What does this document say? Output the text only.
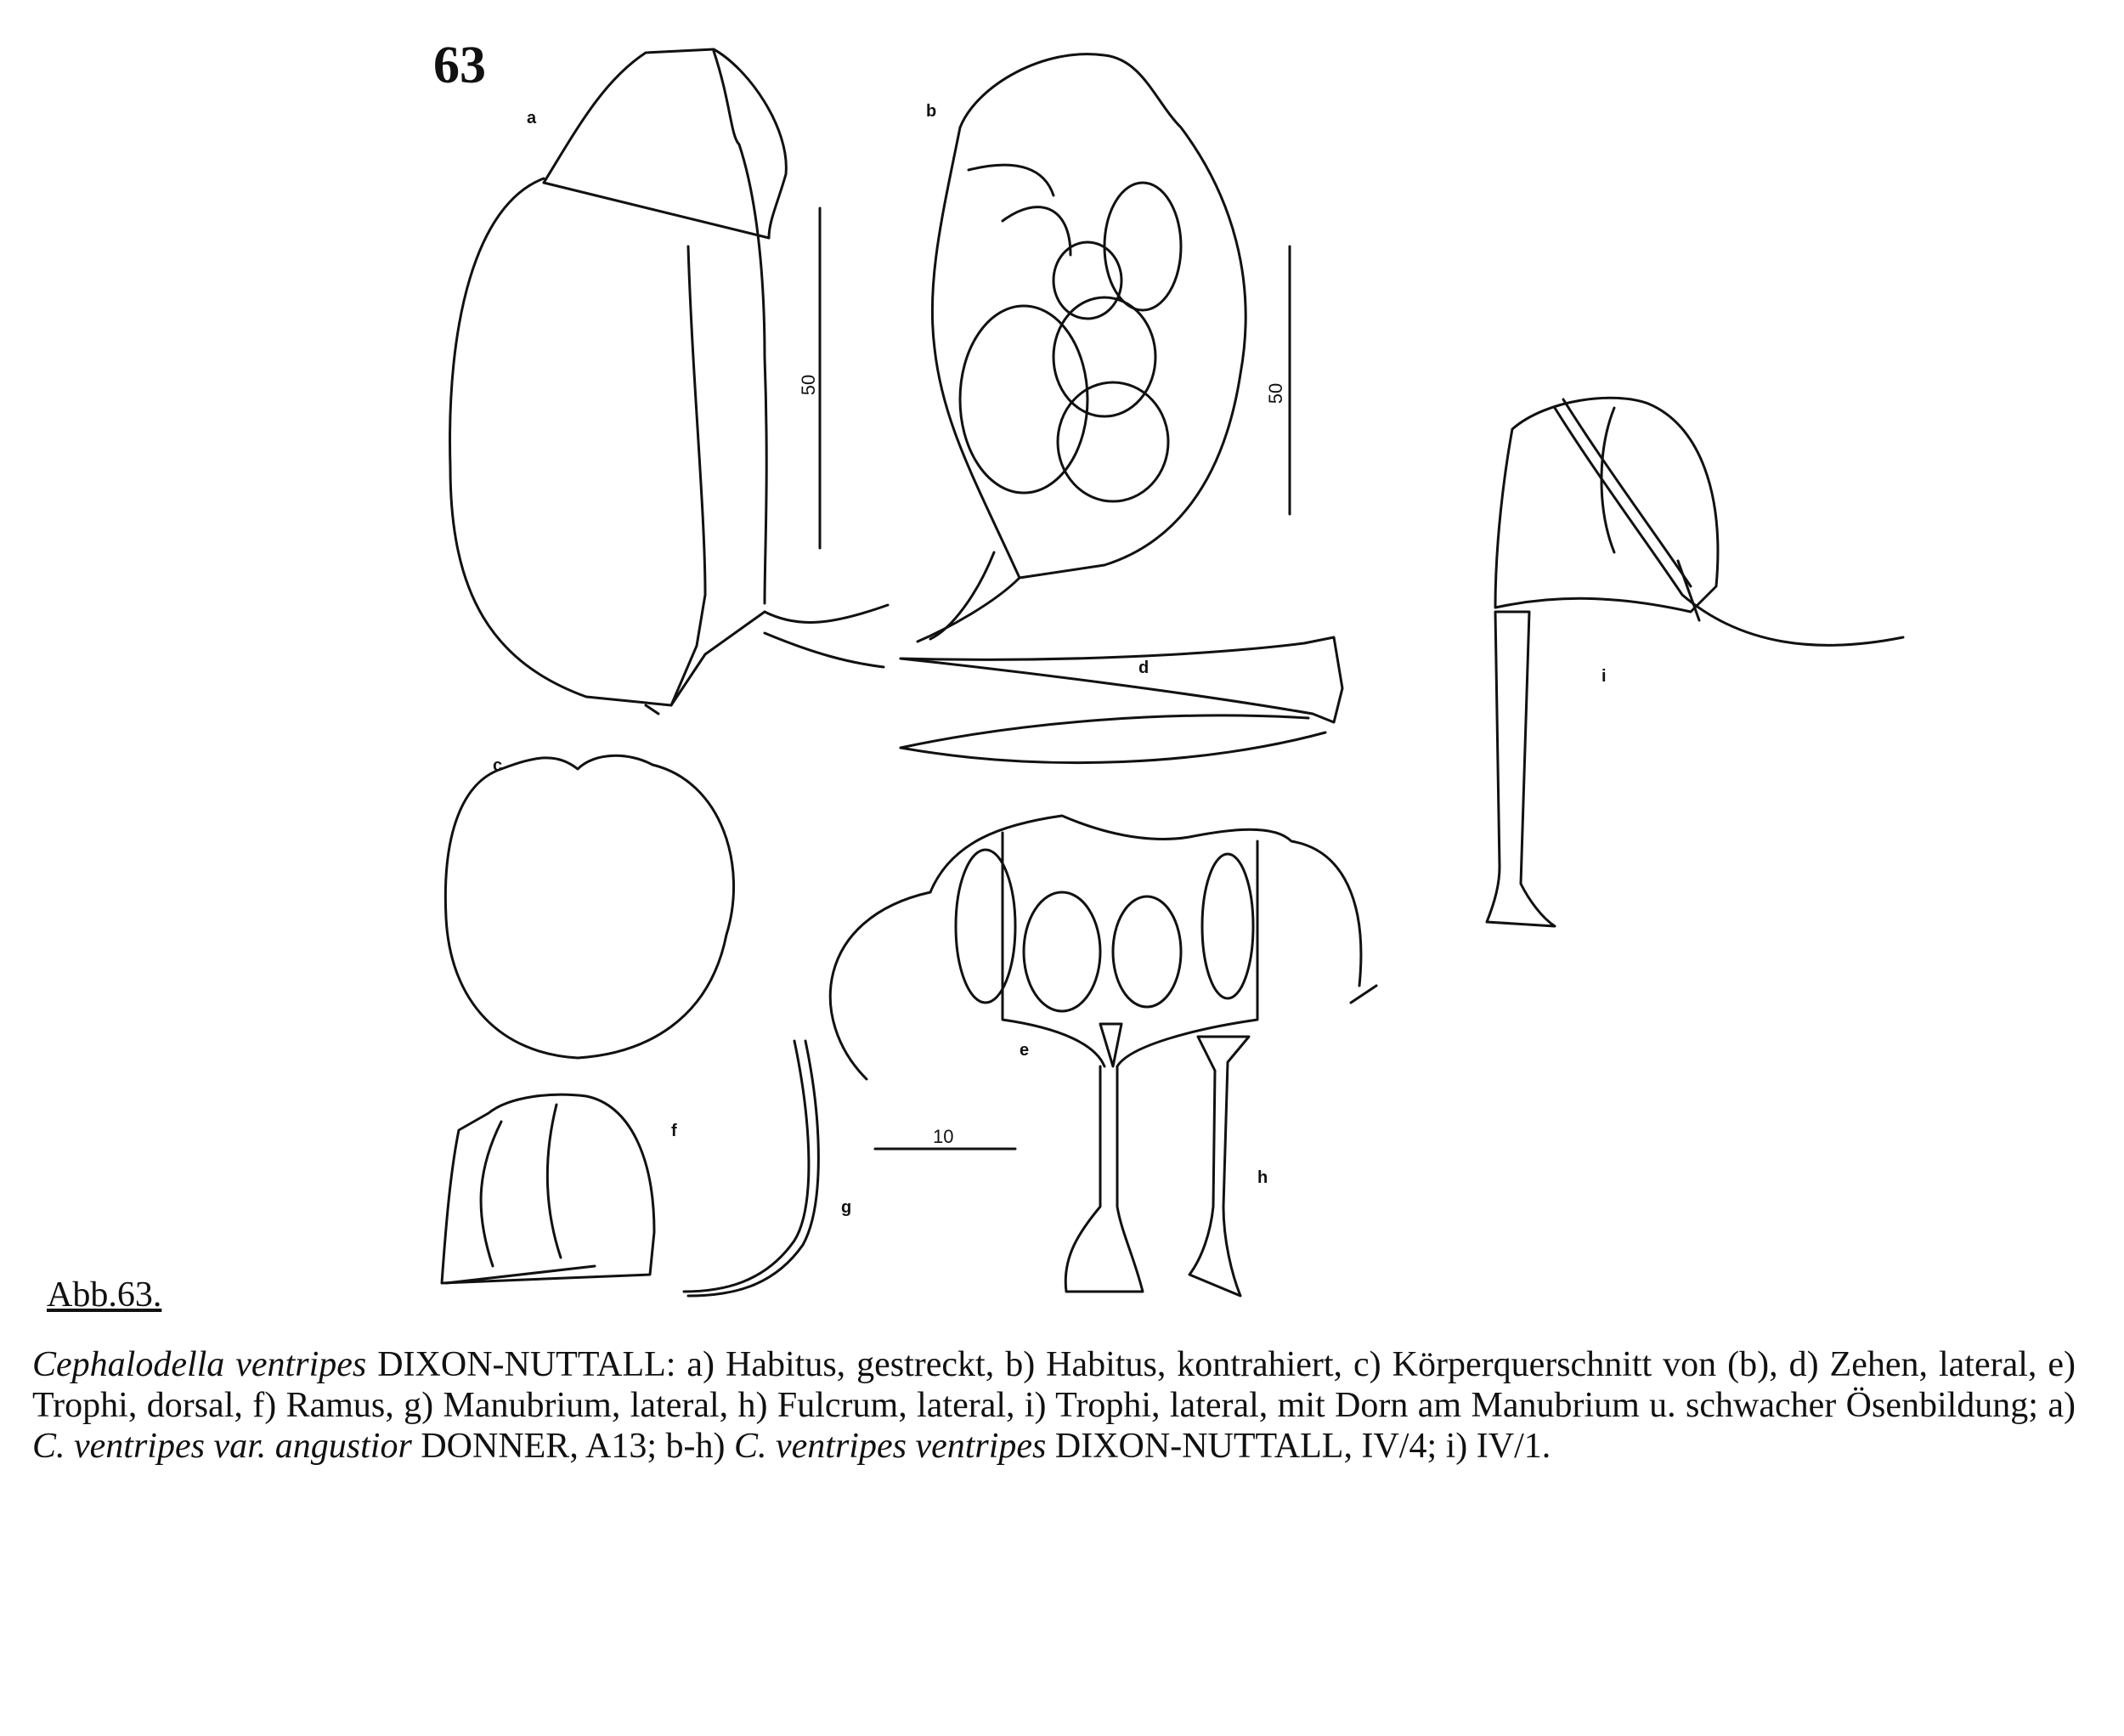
63
a	b
c
d
e
f
g
h
i
50	50
10
Abb.63.
Cephalodella ventripes DIXON-NUTTALL: a) Habitus, gestreckt, b) Habitus, kontrahiert, c) Körperquerschnitt von (b), d) Zehen, lateral, e) Trophi, dorsal, f) Ramus, g) Manubrium, lateral, h) Fulcrum, lateral, i) Trophi, lateral, mit Dorn am Manubrium u. schwacher Ösenbildung; a) C. ventripes var. angustior DONNER, A13; b-h) C. ventripes ventripes DIXON-NUTTALL, IV/4; i) IV/1.
